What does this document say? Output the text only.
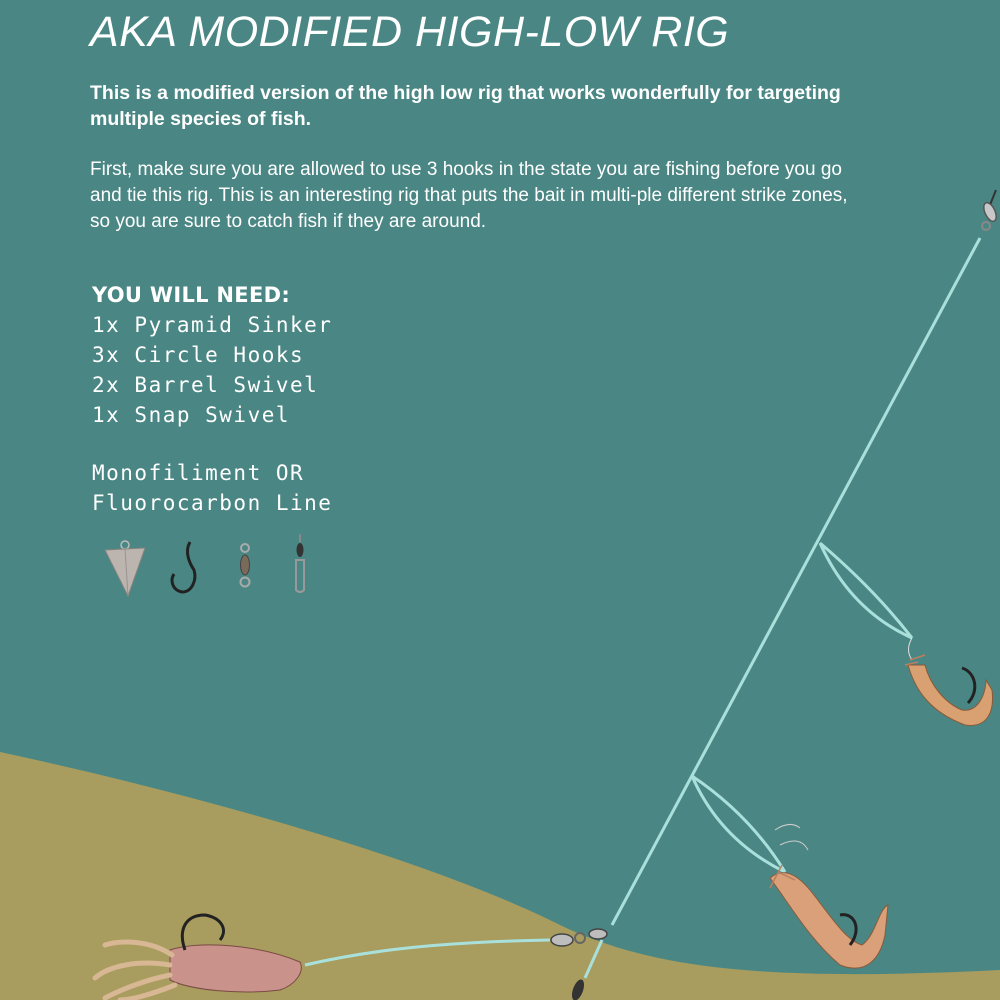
AKA MODIFIED HIGH-LOW RIG

This is a modified version of the high low rig that works wonderfully for targeting multiple species of fish.

First, make sure you are allowed to use 3 hooks in the state you are fishing before you go and tie this rig. This is an interesting rig that puts the bait in multi-ple different strike zones, so you are sure to catch fish if they are around.

YOU WILL NEED:
1x Pyramid Sinker
3x Circle Hooks
2x Barrel Swivel
1x Snap Swivel
Monofiliment OR
Fluorocarbon Line
